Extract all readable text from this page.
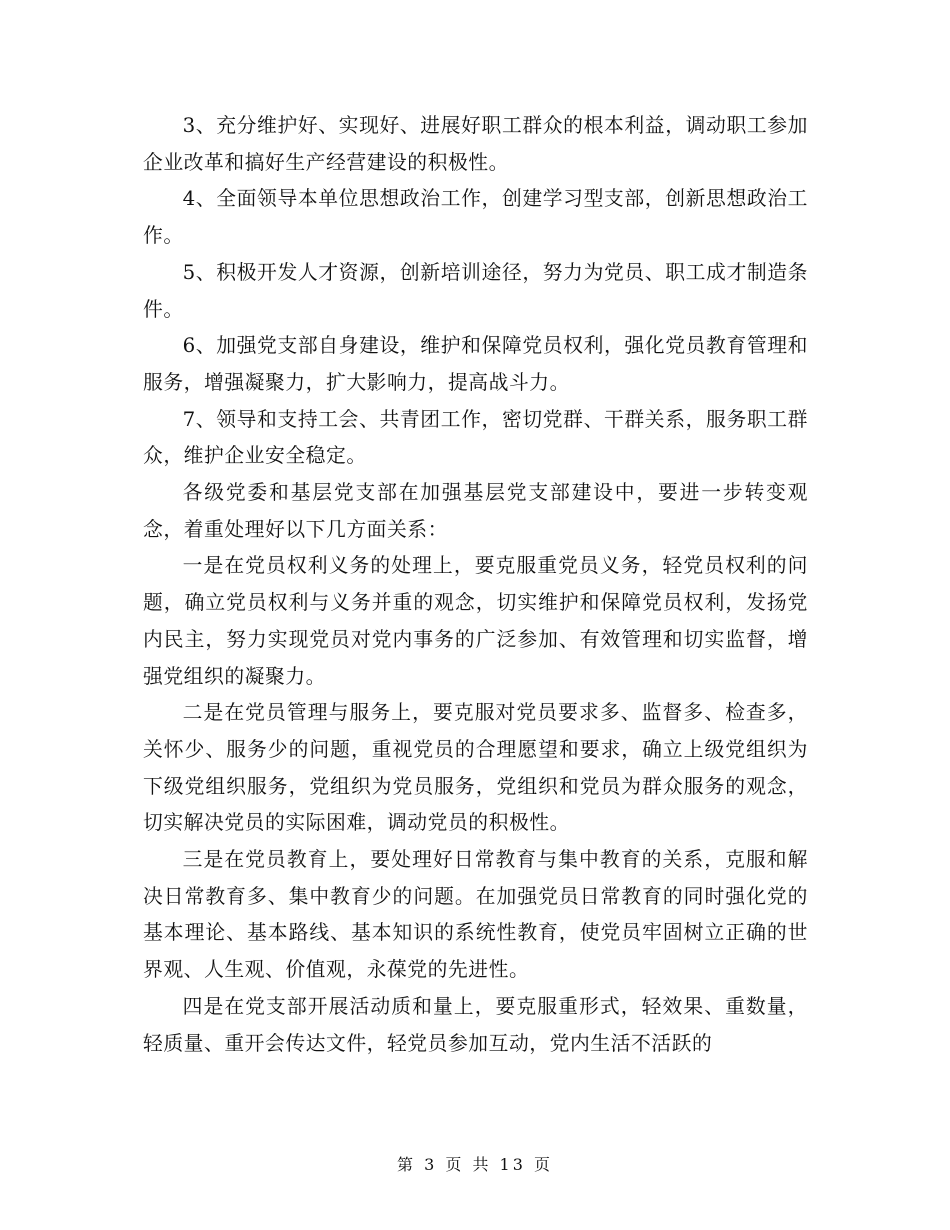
3、充分维护好、实现好、进展好职工群众的根本利益，调动职工参加企业改革和搞好生产经营建设的积极性。

4、全面领导本单位思想政治工作，创建学习型支部，创新思想政治工作。

5、积极开发人才资源，创新培训途径，努力为党员、职工成才制造条件。

6、加强党支部自身建设，维护和保障党员权利，强化党员教育管理和服务，增强凝聚力，扩大影响力，提高战斗力。

7、领导和支持工会、共青团工作，密切党群、干群关系，服务职工群众，维护企业安全稳定。

各级党委和基层党支部在加强基层党支部建设中，要进一步转变观念，着重处理好以下几方面关系：

一是在党员权利义务的处理上，要克服重党员义务，轻党员权利的问题，确立党员权利与义务并重的观念，切实维护和保障党员权利，发扬党内民主，努力实现党员对党内事务的广泛参加、有效管理和切实监督，增强党组织的凝聚力。

二是在党员管理与服务上，要克服对党员要求多、监督多、检查多，关怀少、服务少的问题，重视党员的合理愿望和要求，确立上级党组织为下级党组织服务，党组织为党员服务，党组织和党员为群众服务的观念，切实解决党员的实际困难，调动党员的积极性。

三是在党员教育上，要处理好日常教育与集中教育的关系，克服和解决日常教育多、集中教育少的问题。在加强党员日常教育的同时强化党的基本理论、基本路线、基本知识的系统性教育，使党员牢固树立正确的世界观、人生观、价值观，永葆党的先进性。

四是在党支部开展活动质和量上，要克服重形式，轻效果、重数量，轻质量、重开会传达文件，轻党员参加互动，党内生活不活跃的

第 3 页 共 13 页
